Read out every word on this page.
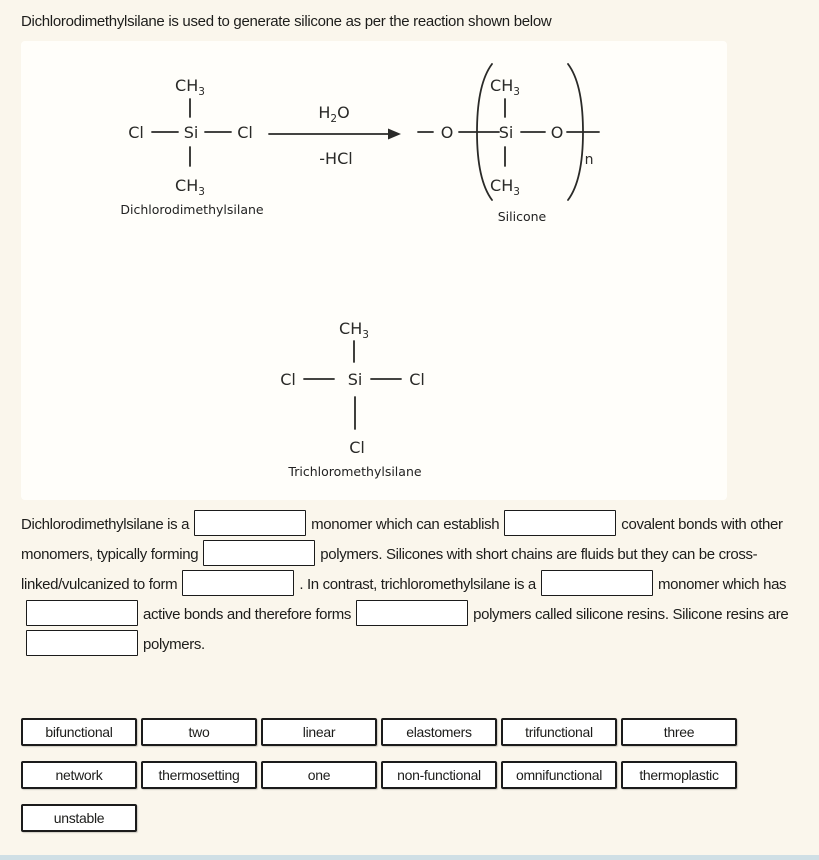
Dichlorodimethylsilane is used to generate silicone as per the reaction shown below
$CH_3$
Cl Si Cl
$CH_3$
Dichlorodimethylsilane
$H_2O$
-HCl
O
$CH_3$
Si O
$CH_3$
n
Silicone
$CH_3$
Cl	Si	Cl
Cl
Trichloromethylsilane
Dichlorodimethylsilane is a	monomer which can establish	covalent bonds with other monomers, typically forming	polymers. Silicones with short chains are fluids but they can be cross-linked/vulcanized to form	. In contrast, trichloromethylsilane is a	monomer which hasactive bonds and therefore forms	polymers called silicone resins. Silicone resins arepolymers.
bifunctional	two	linear	elastomers	trifunctional	three
network	thermosetting	one	non-functional	omnifunctional	thermoplastic
unstable
